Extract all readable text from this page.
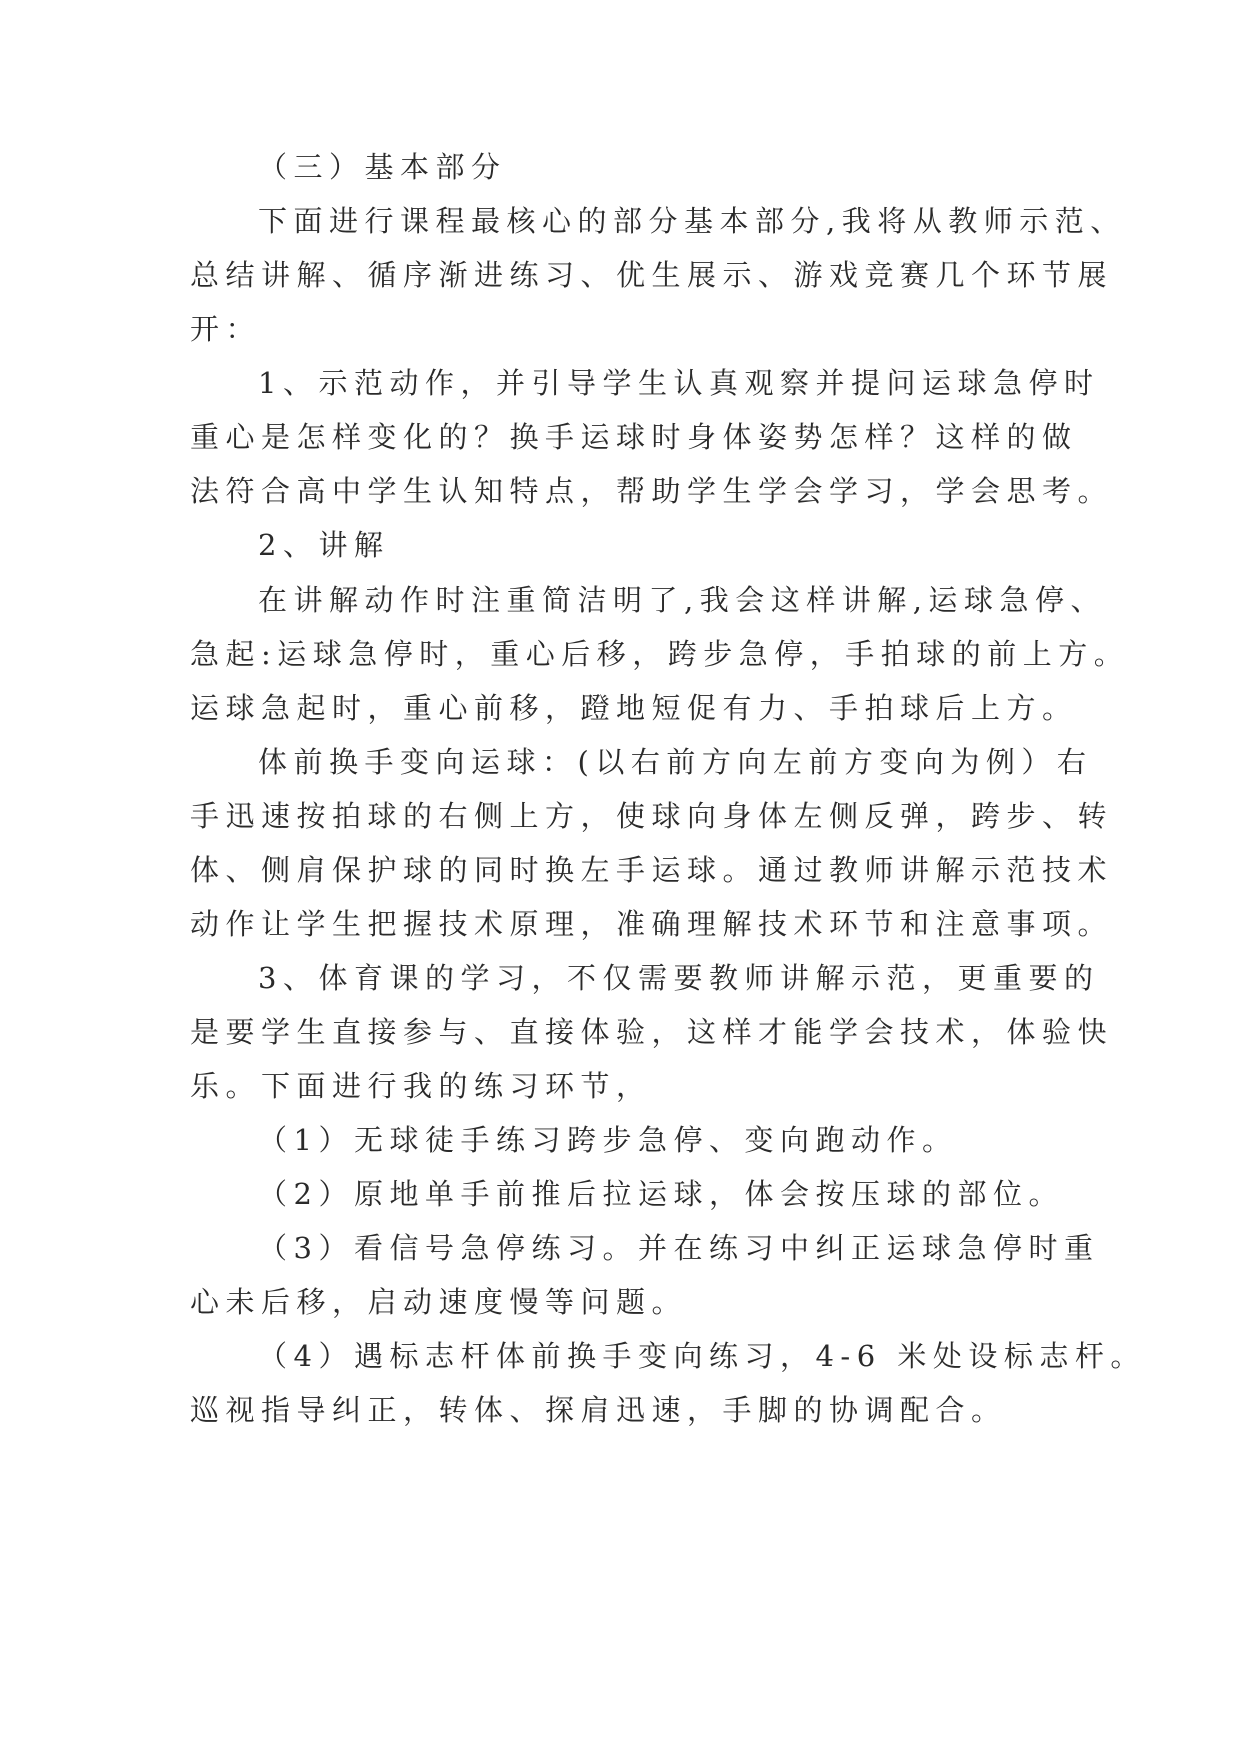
（三）基本部分
下面进行课程最核心的部分基本部分,我将从教师示范、
总结讲解、循序渐进练习、优生展示、游戏竞赛几个环节展
开：
1、示范动作，并引导学生认真观察并提问运球急停时
重心是怎样变化的？换手运球时身体姿势怎样？这样的做
法符合高中学生认知特点，帮助学生学会学习，学会思考。
2、讲解
在讲解动作时注重简洁明了,我会这样讲解,运球急停、
急起:运球急停时，重心后移，跨步急停，手拍球的前上方。
运球急起时，重心前移，蹬地短促有力、手拍球后上方。
体前换手变向运球：(以右前方向左前方变向为例）右
手迅速按拍球的右侧上方，使球向身体左侧反弹，跨步、转
体、侧肩保护球的同时换左手运球。通过教师讲解示范技术
动作让学生把握技术原理，准确理解技术环节和注意事项。
3、体育课的学习，不仅需要教师讲解示范，更重要的
是要学生直接参与、直接体验，这样才能学会技术，体验快
乐。下面进行我的练习环节，
（1）无球徒手练习跨步急停、变向跑动作。
（2）原地单手前推后拉运球，体会按压球的部位。
（3）看信号急停练习。并在练习中纠正运球急停时重
心未后移，启动速度慢等问题。
（4）遇标志杆体前换手变向练习，4-6 米处设标志杆。
巡视指导纠正，转体、探肩迅速，手脚的协调配合。
